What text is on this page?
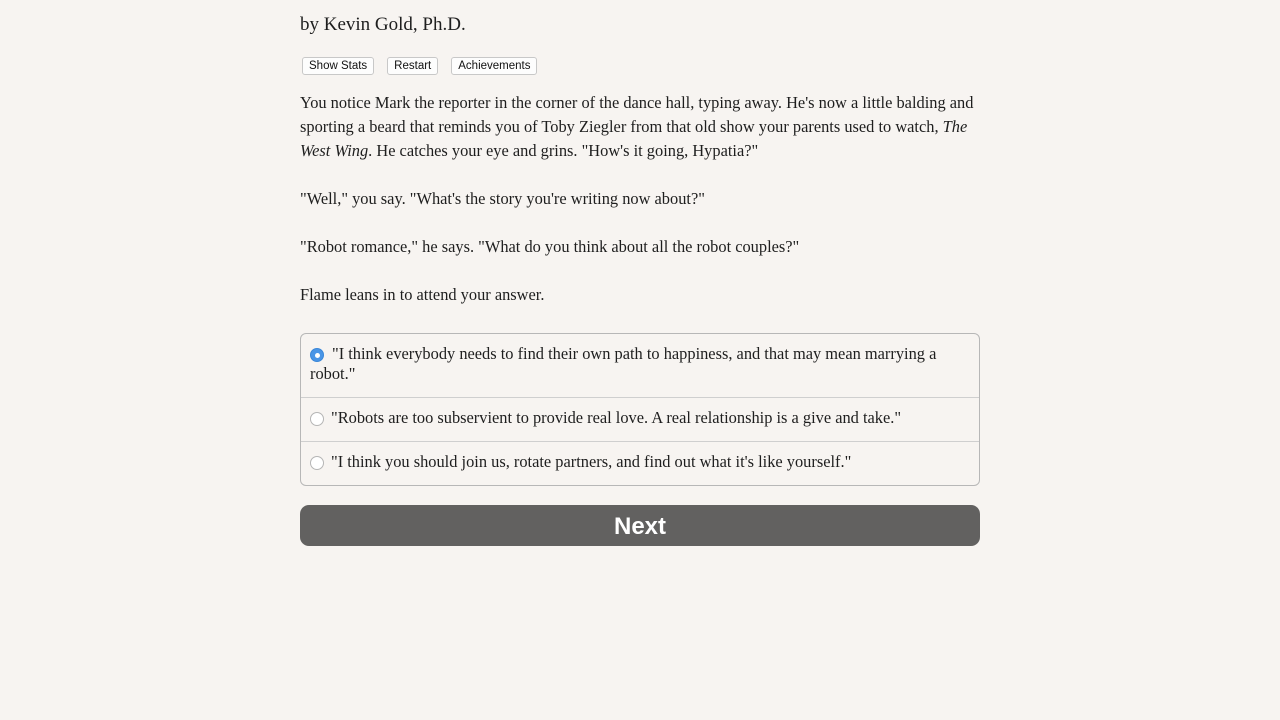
by Kevin Gold, Ph.D.
Show Stats	Restart	Achievements

You notice Mark the reporter in the corner of the dance hall, typing away. He's now a little balding and sporting a beard that reminds you of Toby Ziegler from that old show your parents used to watch, The West Wing. He catches your eye and grins. "How's it going, Hypatia?"

"Well," you say. "What's the story you're writing now about?"

"Robot romance," he says. "What do you think about all the robot couples?"

Flame leans in to attend your answer.

"I think everybody needs to find their own path to happiness, and that may mean marrying a robot."
"Robots are too subservient to provide real love. A real relationship is a give and take."
"I think you should join us, rotate partners, and find out what it's like yourself."
Next
